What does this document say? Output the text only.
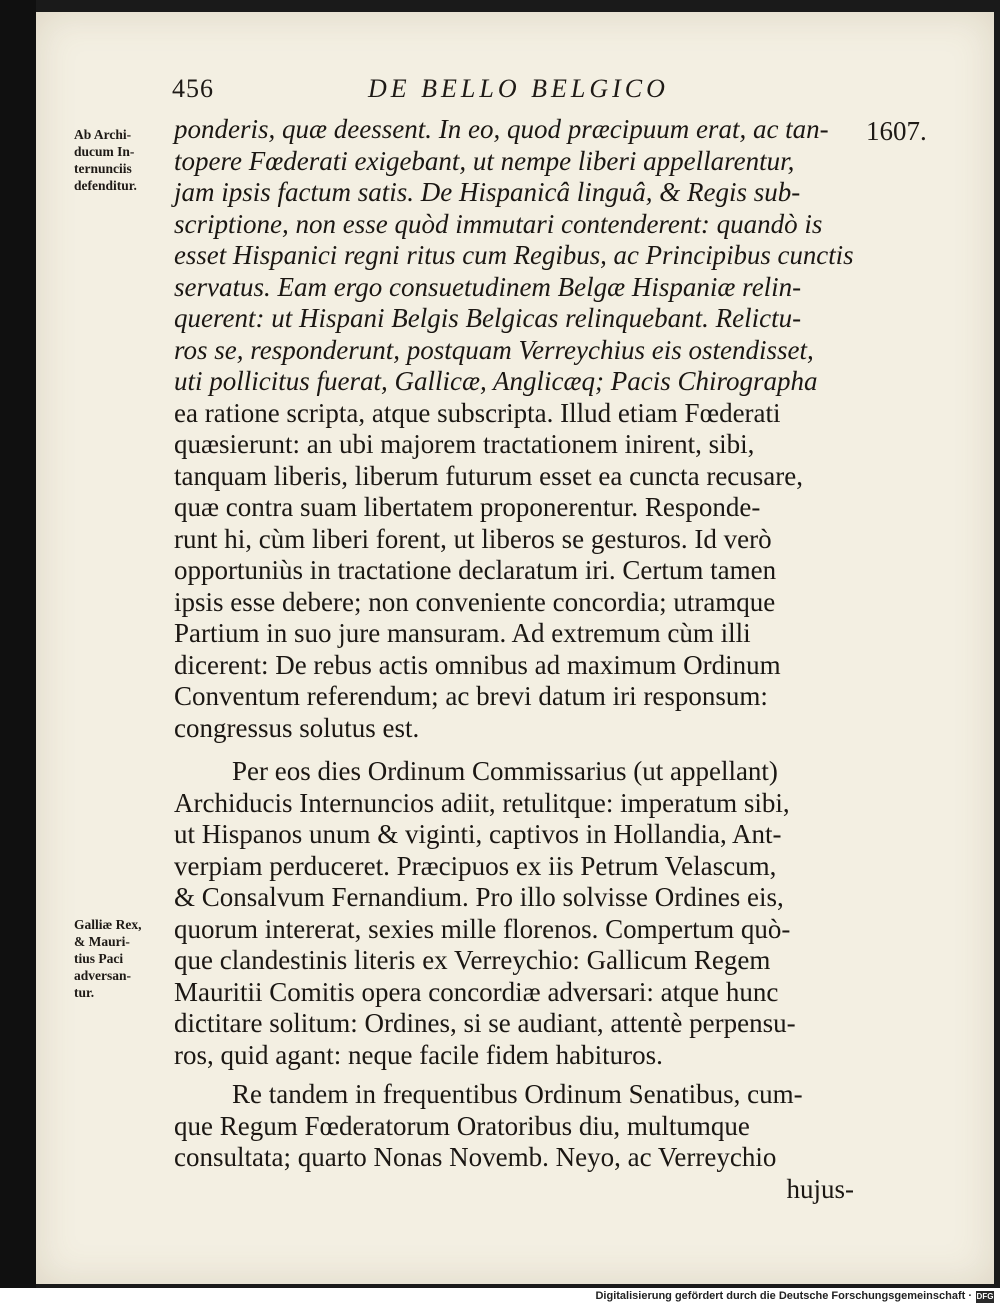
456	DE BELLO BELGICO
1607.
Ab Archi-
ducum In-
ternunciis
defenditur.
Galliæ Rex,
& Mauri-
tius Paci
adversan-
tur.
ponderis, quæ deessent. In eo, quod præcipuum erat, ac tan-
topere Fœderati exigebant, ut nempe liberi appellarentur,
jam ipsis factum satis. De Hispanicâ linguâ, & Regis sub-
scriptione, non esse quòd immutari contenderent: quandò is
esset Hispanici regni ritus cum Regibus, ac Principibus cunctis
servatus. Eam ergo consuetudinem Belgæ Hispaniæ relin-
querent: ut Hispani Belgis Belgicas relinquebant. Relictu-
ros se, responderunt, postquam Verreychius eis ostendisset,
uti pollicitus fuerat, Gallicæ, Anglicæq; Pacis Chirographa
ea ratione scripta, atque subscripta. Illud etiam Fœderati
quæsierunt: an ubi majorem tractationem inirent, sibi,
tanquam liberis, liberum futurum esset ea cuncta recusare,
quæ contra suam libertatem proponerentur. Responde-
runt hi, cùm liberi forent, ut liberos se gesturos. Id verò
opportuniùs in tractatione declaratum iri. Certum tamen
ipsis esse debere; non conveniente concordia; utramque
Partium in suo jure mansuram. Ad extremum cùm illi
dicerent: De rebus actis omnibus ad maximum Ordinum
Conventum referendum; ac brevi datum iri responsum:
congressus solutus est.
Per eos dies Ordinum Commissarius (ut appellant)
Archiducis Internuncios adiit, retulitque: imperatum sibi,
ut Hispanos unum & viginti, captivos in Hollandia, Ant-
verpiam perduceret. Præcipuos ex iis Petrum Velascum,
& Consalvum Fernandium. Pro illo solvisse Ordines eis,
quorum intererat, sexies mille florenos. Compertum quò-
que clandestinis literis ex Verreychio: Gallicum Regem
Mauritii Comitis opera concordiæ adversari: atque hunc
dictitare solitum: Ordines, si se audiant, attentè perpensu-
ros, quid agant: neque facile fidem habituros.
Re tandem in frequentibus Ordinum Senatibus, cum-
que Regum Fœderatorum Oratoribus diu, multumque
consultata; quarto Nonas Novemb. Neyo, ac Verreychio
hujus-
Digitalisierung gefördert durch die Deutsche Forschungsgemeinschaft · DFG
